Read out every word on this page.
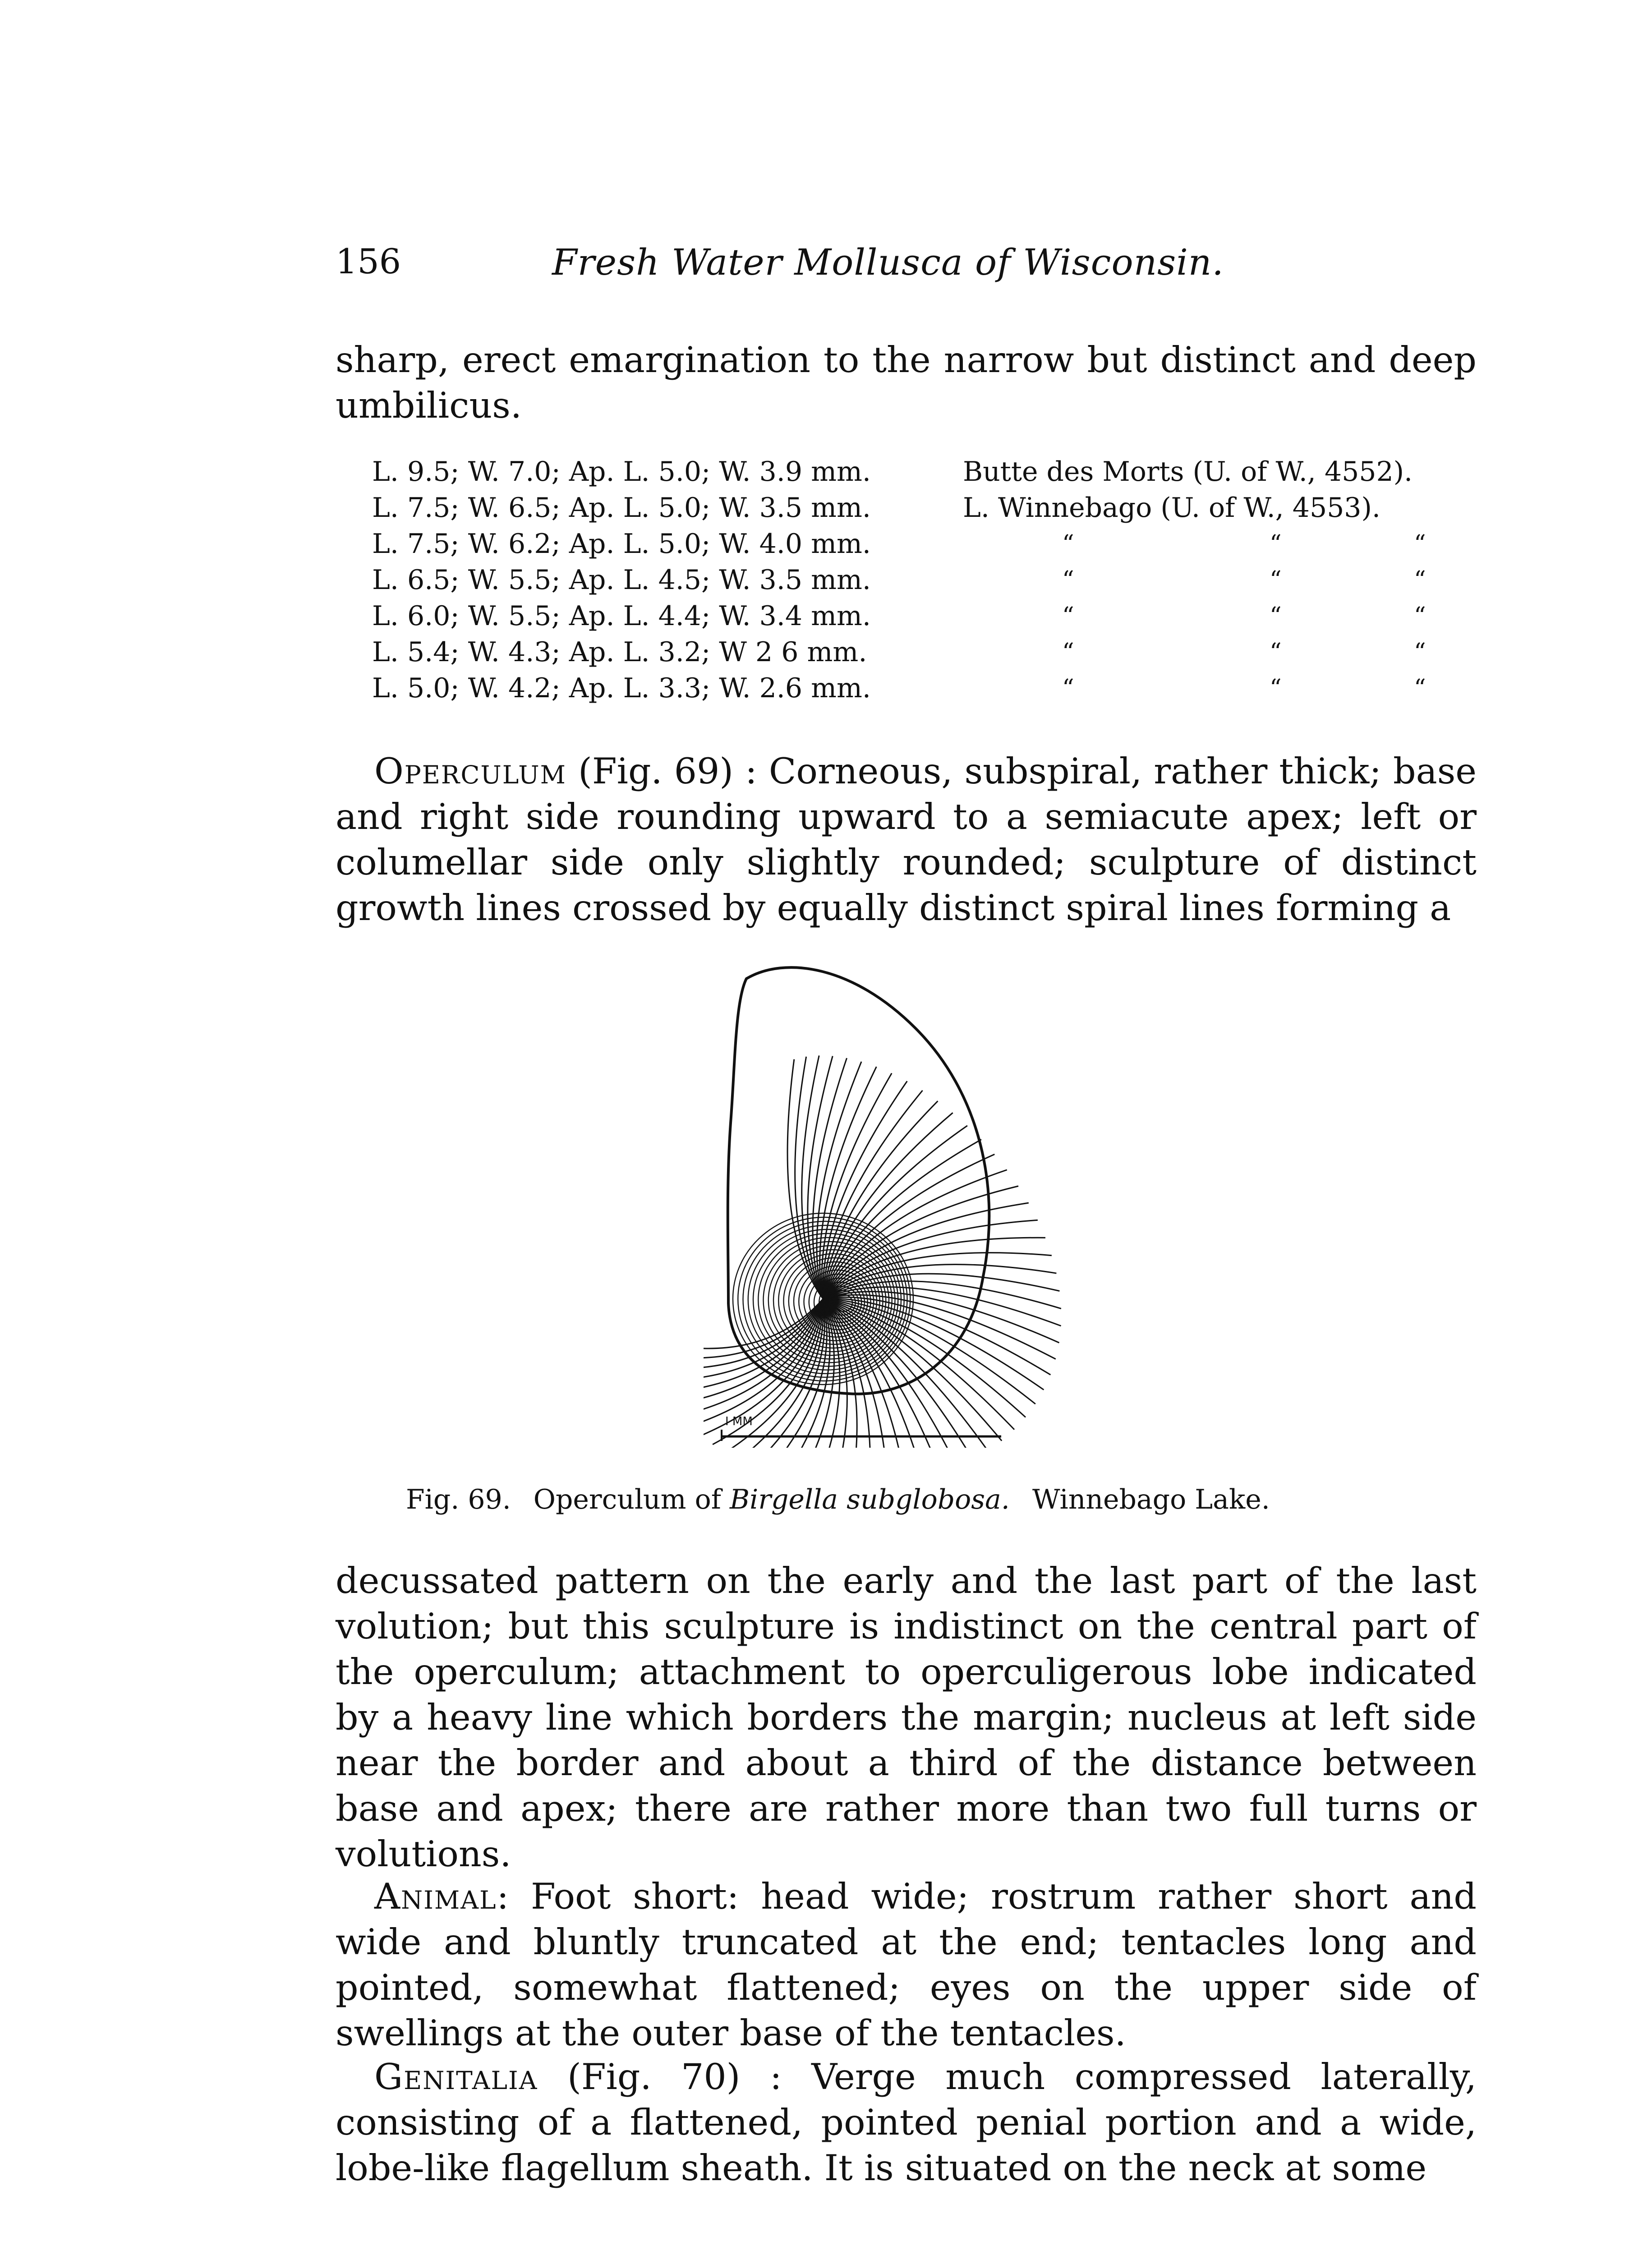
156	Fresh Water Mollusca of Wisconsin.

sharp, erect emargination to the narrow but distinct and deep umbilicus.

L. 9.5; W. 7.0; Ap. L. 5.0; W. 3.9 mm.	Butte des Morts (U. of W., 4552).
L. 7.5; W. 6.5; Ap. L. 5.0; W. 3.5 mm.	L. Winnebago (U. of W., 4553).
L. 7.5; W. 6.2; Ap. L. 5.0; W. 4.0 mm.	“	“	“
L. 6.5; W. 5.5; Ap. L. 4.5; W. 3.5 mm.	“	“	“
L. 6.0; W. 5.5; Ap. L. 4.4; W. 3.4 mm.	“	“	“
L. 5.4; W. 4.3; Ap. L. 3.2; W 2 6 mm.	“	“	“
L. 5.0; W. 4.2; Ap. L. 3.3; W. 2.6 mm.	“	“	“

Operculum (Fig. 69) : Corneous, subspiral, rather thick; base and right side rounding upward to a semiacute apex; left or columellar side only slightly rounded; sculpture of distinct growth lines crossed by equally distinct spiral lines forming a

I MM
Fig. 69. Operculum of Birgella subglobosa. Winnebago Lake.

decussated pattern on the early and the last part of the last volution; but this sculpture is indistinct on the central part of the operculum; attachment to operculigerous lobe indicated by a heavy line which borders the margin; nucleus at left side near the border and about a third of the distance between base and apex; there are rather more than two full turns or volutions.

Animal: Foot short: head wide; rostrum rather short and wide and bluntly truncated at the end; tentacles long and pointed, somewhat flattened; eyes on the upper side of swellings at the outer base of the tentacles.

Genitalia (Fig. 70) : Verge much compressed laterally, consisting of a flattened, pointed penial portion and a wide, lobe-like flagellum sheath. It is situated on the neck at some
